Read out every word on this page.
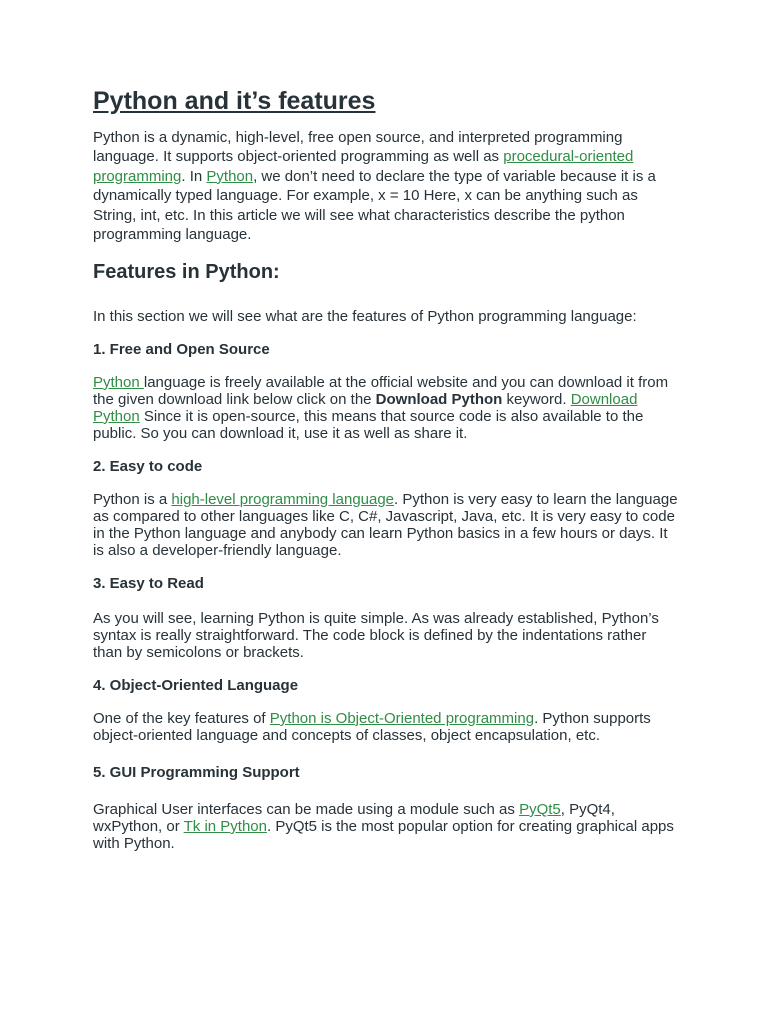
Python and it’s features

Python is a dynamic, high-level, free open source, and interpreted programming language. It supports object-oriented programming as well as procedural-oriented programming. In Python, we don’t need to declare the type of variable because it is a dynamically typed language. For example, x = 10 Here, x can be anything such as String, int, etc. In this article we will see what characteristics describe the python programming language.

Features in Python:

In this section we will see what are the features of Python programming language:

1. Free and Open Source

Python language is freely available at the official website and you can download it from the given download link below click on the Download Python keyword. Download Python Since it is open-source, this means that source code is also available to the public. So you can download it, use it as well as share it.

2. Easy to code

Python is a high-level programming language. Python is very easy to learn the language as compared to other languages like C, C#, Javascript, Java, etc. It is very easy to code in the Python language and anybody can learn Python basics in a few hours or days. It is also a developer-friendly language.

3. Easy to Read

As you will see, learning Python is quite simple. As was already established, Python’s syntax is really straightforward. The code block is defined by the indentations rather than by semicolons or brackets.

4. Object-Oriented Language

One of the key features of Python is Object-Oriented programming. Python supports object-oriented language and concepts of classes, object encapsulation, etc.

5. GUI Programming Support

Graphical User interfaces can be made using a module such as PyQt5, PyQt4, wxPython, or Tk in Python. PyQt5 is the most popular option for creating graphical apps with Python.
